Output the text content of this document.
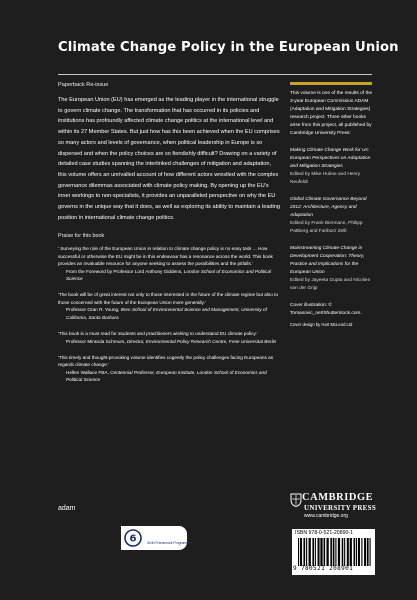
Climate Change Policy in the European Union

Paperback Re-issue

The European Union (EU) has emerged as the leading player in the international struggle to govern climate change. The transformation that has occurred in its policies and institutions has profoundly affected climate change politics at the international level and within its 27 Member States. But just how has this been achieved when the EU comprises so many actors and levels of governance, when political leadership in Europe is so dispersed and when the policy choices are so fiendishly difficult? Drawing on a variety of detailed case studies spanning the interlinked challenges of mitigation and adaptation, this volume offers an unrivalled account of how different actors wrestled with the complex governance dilemmas associated with climate policy making. By opening up the EU's inner workings to non-specialists, it provides an unparalleled perspective on why the EU governs in the unique way that it does, as well as exploring its ability to maintain a leading position in international climate change politics.

Praise for this book

' Surveying the role of the European Union in relation to climate change policy is no easy task ... How successful or otherwise the EU might be in this endeavour has a resonance across the world. This book provides an invaluable resource for anyone seeking to assess the possibilities and the pitfalls.'
From the Foreword by Professor Lord Anthony Giddens, London School of Economics and Political Science
'The book will be of great interest not only to those interested in the future of the climate regime but also to those concerned with the future of the European Union more generally.'
Professor Oran R. Young, Bren School of Environmental Science and Management, University of California, Santa Barbara
'This book is a must read for students and practitioners wishing to understand EU climate policy.'
Professor Miranda Schreurs, Director, Environmental Policy Research Centre, Freie Universitat Berlin
'This timely and thought-provoking volume identifies cogently the policy challenges facing Europeans as regards climate change.'
Hellen Wallace FBA, Centennial Professor, European Institute, London School of Economics and Political Science

This volume is one of the results of the 3-year European Commission ADAM (Adaptation and Mitigation Strategies) research project. Three other books arise from this project, all published by Cambridge University Press:

Making Climate Change Work for Us: European Perspectives on Adaptation and Mitigation Strategies
Edited by Mike Hulme and Henry Neufeldt
Global Climate Governance Beyond 2012: Architecture, Agency and Adaptation
Edited by Frank Biermann, Philipp Pattberg and Fariborz Zelli
Mainstreaming Climate Change in Development Cooperation: Theory, Practice and Implications for the European Union
Edited by Jayeeta Gupta and Nicolien van der Grijp

Cover illustration: © Tomasovic_net/Shutterstock.com.

Cover design by Hart McLeod Ltd

adam
6	Sixth Framework Programme
CAMBRIDGE
UNIVERSITY PRESS
www.cambridge.org
ISBN 978-0-521-20890-1
9 780521 208901
